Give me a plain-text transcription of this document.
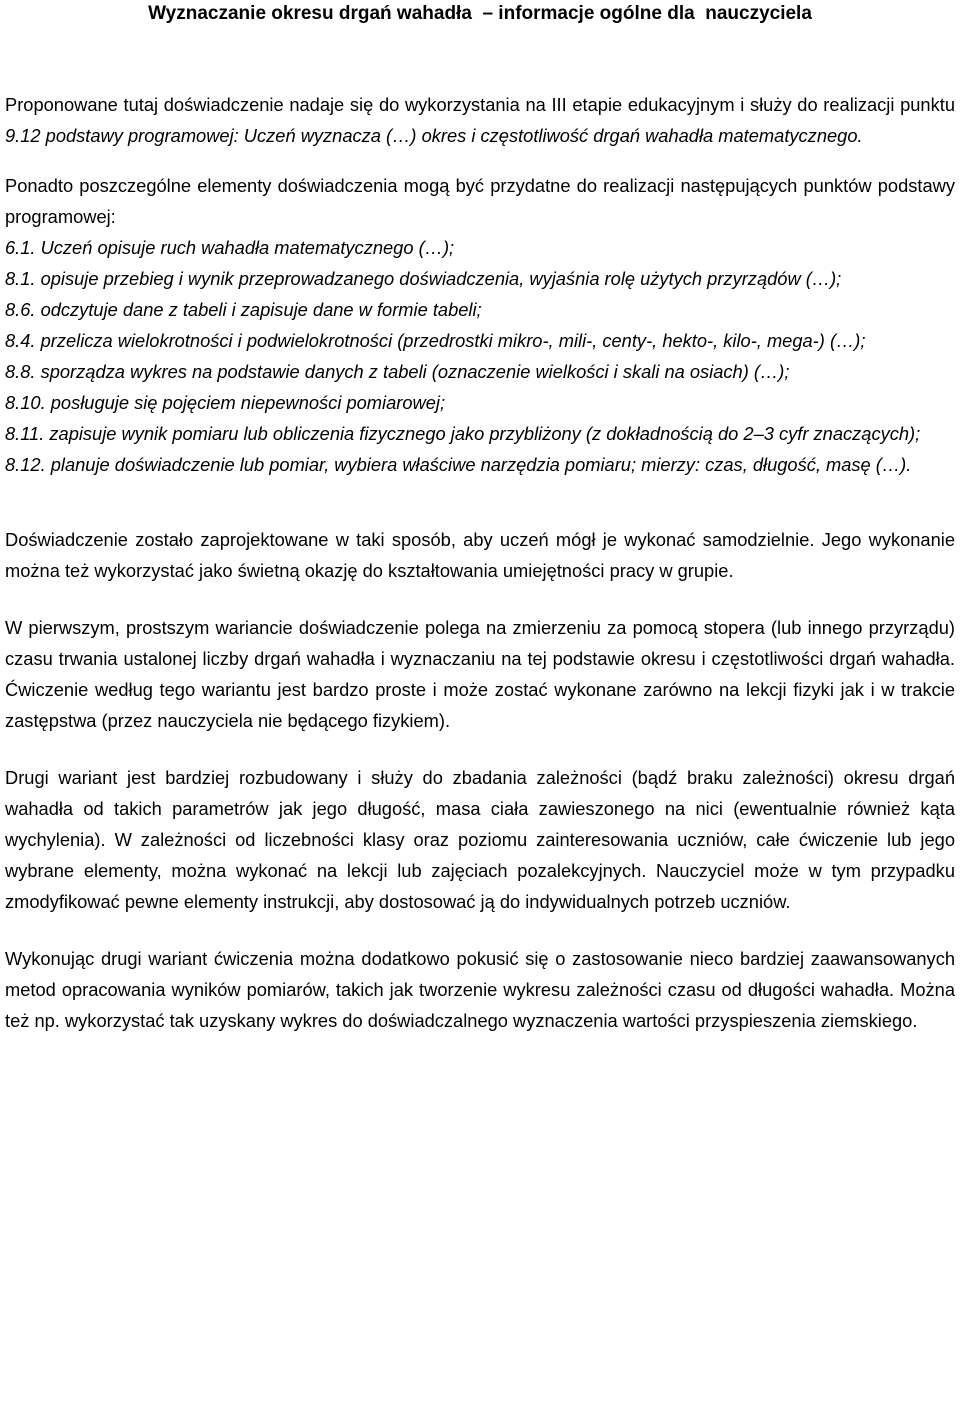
Wyznaczanie okresu drgań wahadła  – informacje ogólne dla  nauczyciela

Proponowane tutaj doświadczenie nadaje się do wykorzystania na III etapie edukacyjnym i służy do realizacji punktu 9.12 podstawy programowej: Uczeń wyznacza (…) okres i częstotliwość drgań wahadła matematycznego.

Ponadto poszczególne elementy doświadczenia mogą być przydatne do realizacji następujących punktów podstawy programowej:

6.1. Uczeń opisuje ruch wahadła matematycznego (…);

8.1. opisuje przebieg i wynik przeprowadzanego doświadczenia, wyjaśnia rolę użytych przyrządów (…);

8.6. odczytuje dane z tabeli i zapisuje dane w formie tabeli;

8.4. przelicza wielokrotności i podwielokrotności (przedrostki mikro-, mili-, centy-, hekto-, kilo-, mega-) (…);

8.8. sporządza wykres na podstawie danych z tabeli (oznaczenie wielkości i skali na osiach) (…);

8.10. posługuje się pojęciem niepewności pomiarowej;

8.11. zapisuje wynik pomiaru lub obliczenia fizycznego jako przybliżony (z dokładnością do 2–3 cyfr znaczących);

8.12. planuje doświadczenie lub pomiar, wybiera właściwe narzędzia pomiaru; mierzy: czas, długość, masę (…).

Doświadczenie zostało zaprojektowane w taki sposób, aby uczeń mógł je wykonać samodzielnie. Jego wykonanie można też wykorzystać jako świetną okazję do kształtowania umiejętności pracy w grupie.

W pierwszym, prostszym wariancie doświadczenie polega na zmierzeniu za pomocą stopera (lub innego przyrządu) czasu trwania ustalonej liczby drgań wahadła i wyznaczaniu na tej podstawie okresu i częstotliwości drgań wahadła. Ćwiczenie według tego wariantu jest bardzo proste i może zostać wykonane zarówno na lekcji fizyki jak i w trakcie zastępstwa (przez nauczyciela nie będącego fizykiem).

Drugi wariant jest bardziej rozbudowany i służy do zbadania zależności (bądź braku zależności) okresu drgań wahadła od takich parametrów jak jego długość, masa ciała zawieszonego na nici (ewentualnie również kąta wychylenia). W zależności od liczebności klasy oraz poziomu zainteresowania uczniów, całe ćwiczenie lub jego wybrane elementy, można wykonać na lekcji lub zajęciach pozalekcyjnych. Nauczyciel może w tym przypadku zmodyfikować pewne elementy instrukcji, aby dostosować ją do indywidualnych potrzeb uczniów.

Wykonując drugi wariant ćwiczenia można dodatkowo pokusić się o zastosowanie nieco bardziej zaawansowanych metod opracowania wyników pomiarów, takich jak tworzenie wykresu zależności czasu od długości wahadła. Można też np. wykorzystać tak uzyskany wykres do doświadczalnego wyznaczenia wartości przyspieszenia ziemskiego.
